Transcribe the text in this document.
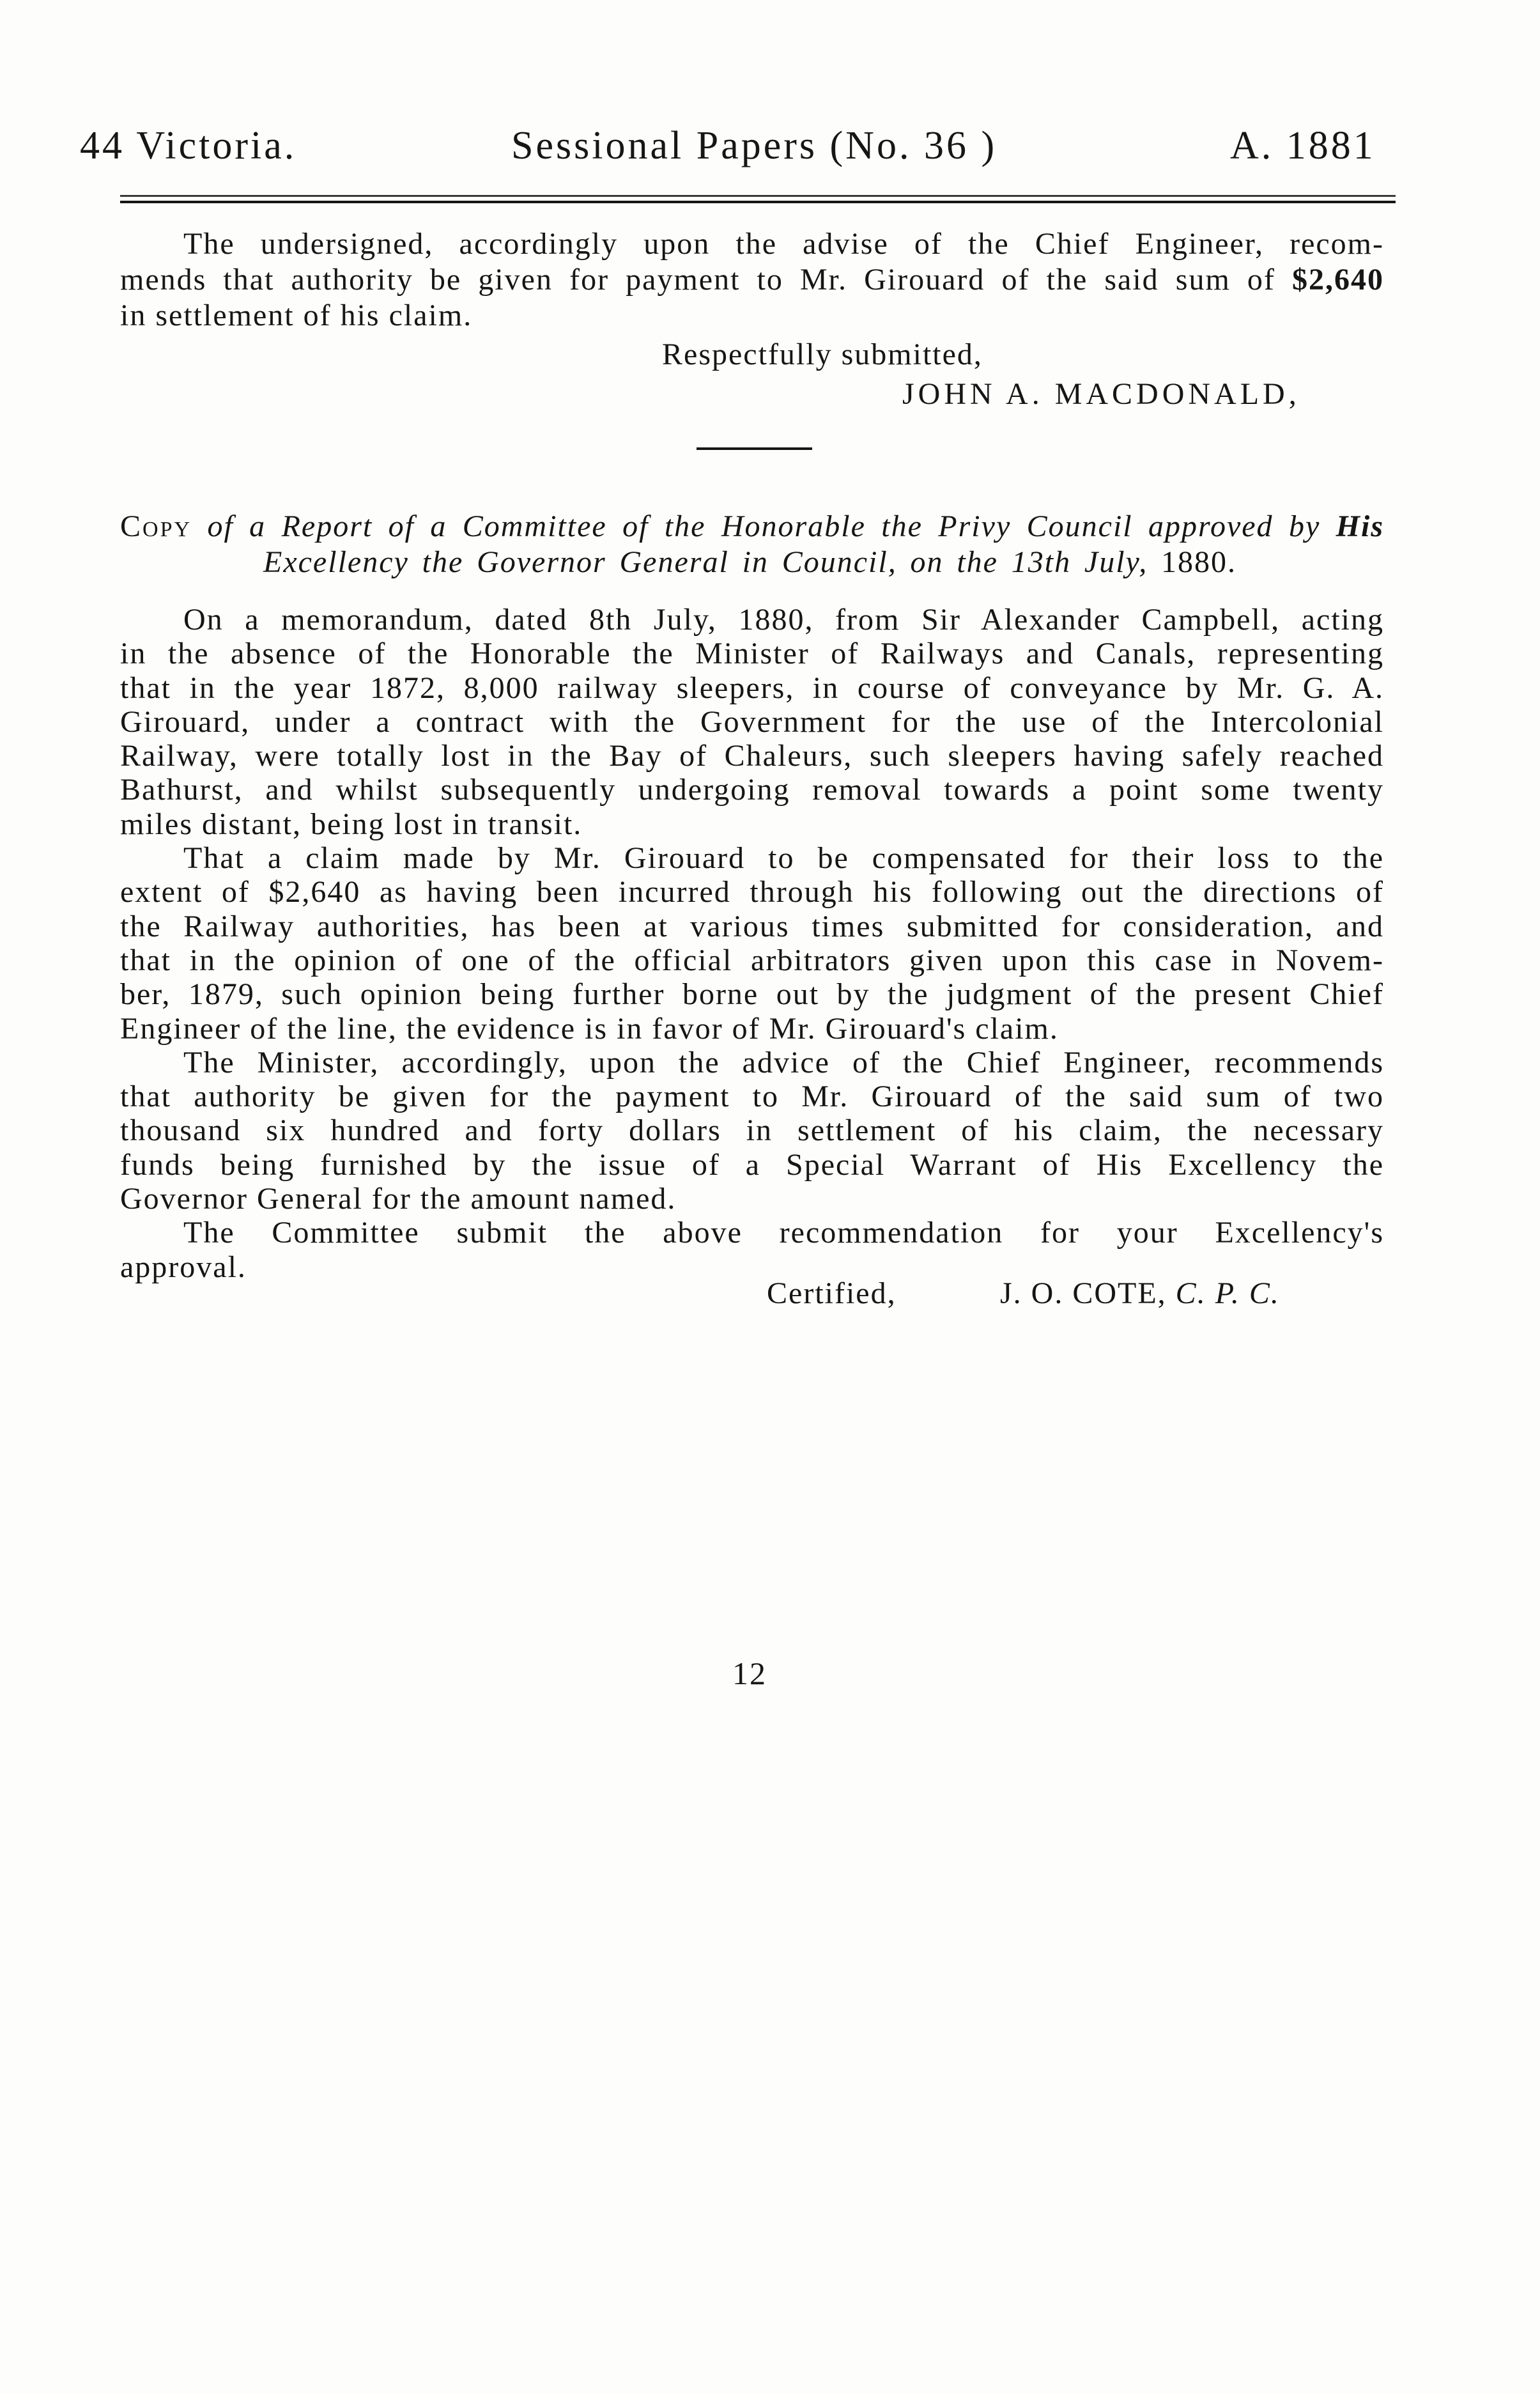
44 Victoria.	Sessional Papers (No. 36 )	A. 1881
The undersigned, accordingly upon the advise of the Chief Engineer, recom-
mends that authority be given for payment to Mr. Girouard of the said sum of $2,640
in settlement of his claim.
Respectfully submitted,
JOHN A. MACDONALD,
Copy of a Report of a Committee of the Honorable the Privy Council approved by His
Excellency the Governor General in Council, on the 13th July, 1880.
On a memorandum, dated 8th July, 1880, from Sir Alexander Campbell, acting
in the absence of the Honorable the Minister of Railways and Canals, representing
that in the year 1872, 8,000 railway sleepers, in course of conveyance by Mr. G. A.
Girouard, under a contract with the Government for the use of the Intercolonial
Railway, were totally lost in the Bay of Chaleurs, such sleepers having safely reached
Bathurst, and whilst subsequently undergoing removal towards a point some twenty
miles distant, being lost in transit.
That a claim made by Mr. Girouard to be compensated for their loss to the
extent of $2,640 as having been incurred through his following out the directions of
the Railway authorities, has been at various times submitted for consideration, and
that in the opinion of one of the official arbitrators given upon this case in Novem-
ber, 1879, such opinion being further borne out by the judgment of the present Chief
Engineer of the line, the evidence is in favor of Mr. Girouard's claim.
The Minister, accordingly, upon the advice of the Chief Engineer, recommends
that authority be given for the payment to Mr. Girouard of the said sum of two
thousand six hundred and forty dollars in settlement of his claim, the necessary
funds being furnished by the issue of a Special Warrant of His Excellency the
Governor General for the amount named.
The Committee submit the above recommendation for your Excellency's
approval.
Certified,	J. O. COTE, C. P. C.
12
